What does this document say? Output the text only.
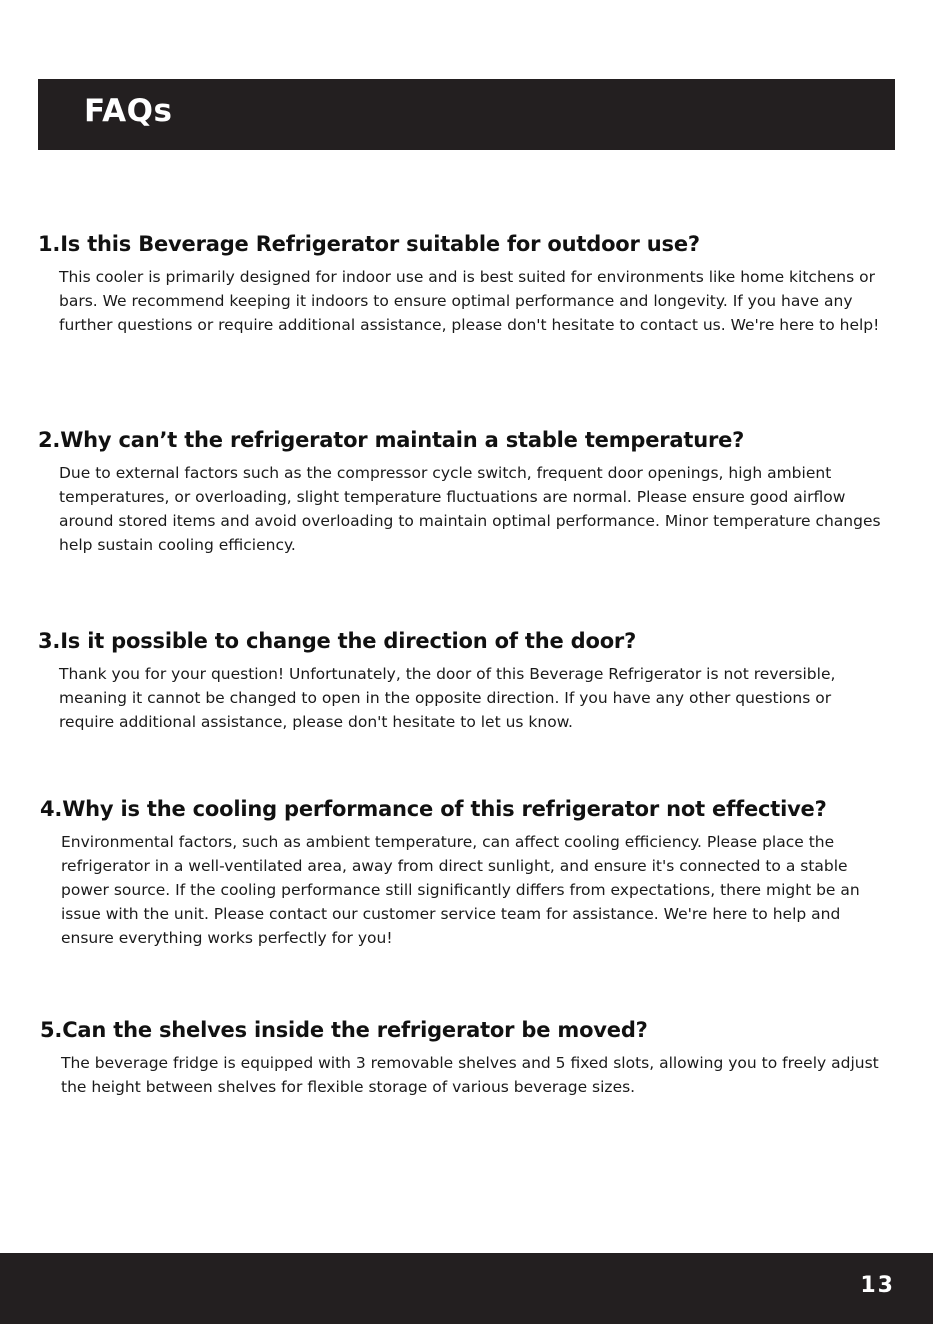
FAQs
1.Is this Beverage Refrigerator suitable for outdoor use?

This cooler is primarily designed for indoor use and is best suited for environments like home kitchens or bars. We recommend keeping it indoors to ensure optimal performance and longevity. If you have any further questions or require additional assistance, please don't hesitate to contact us. We're here to help!

2.Why can’t the refrigerator maintain a stable temperature?

Due to external factors such as the compressor cycle switch, frequent door openings, high ambient temperatures, or overloading, slight temperature fluctuations are normal. Please ensure good airflow around stored items and avoid overloading to maintain optimal performance. Minor temperature changes help sustain cooling efficiency.

3.Is it possible to change the direction of the door?

Thank you for your question! Unfortunately, the door of this Beverage Refrigerator is not reversible, meaning it cannot be changed to open in the opposite direction. If you have any other questions or require additional assistance, please don't hesitate to let us know.

4.Why is the cooling performance of this refrigerator not effective?

Environmental factors, such as ambient temperature, can affect cooling efficiency. Please place the refrigerator in a well-ventilated area, away from direct sunlight, and ensure it's connected to a stable power source. If the cooling performance still significantly differs from expectations, there might be an issue with the unit. Please contact our customer service team for assistance. We're here to help and ensure everything works perfectly for you!

5.Can the shelves inside the refrigerator be moved?

The beverage fridge is equipped with 3 removable shelves and 5 fixed slots, allowing you to freely adjust the height between shelves for flexible storage of various beverage sizes.

13
